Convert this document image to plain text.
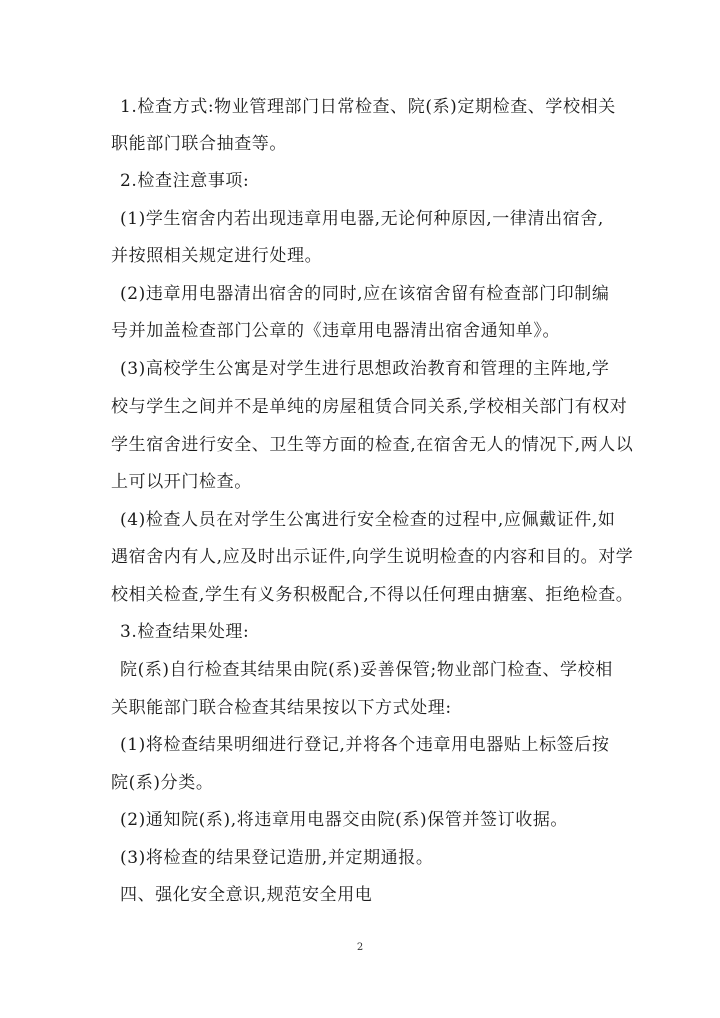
1.检查方式:物业管理部门日常检查、院(系)定期检查、学校相关
职能部门联合抽查等。
2.检查注意事项:
(1)学生宿舍内若出现违章用电器,无论何种原因,一律清出宿舍,
并按照相关规定进行处理。
(2)违章用电器清出宿舍的同时,应在该宿舍留有检查部门印制编
号并加盖检查部门公章的《违章用电器清出宿舍通知单》。
(3)高校学生公寓是对学生进行思想政治教育和管理的主阵地,学
校与学生之间并不是单纯的房屋租赁合同关系,学校相关部门有权对
学生宿舍进行安全、卫生等方面的检查,在宿舍无人的情况下,两人以
上可以开门检查。
(4)检查人员在对学生公寓进行安全检查的过程中,应佩戴证件,如
遇宿舍内有人,应及时出示证件,向学生说明检查的内容和目的。对学
校相关检查,学生有义务积极配合,不得以任何理由搪塞、拒绝检查。
3.检查结果处理:
院(系)自行检查其结果由院(系)妥善保管;物业部门检查、学校相
关职能部门联合检查其结果按以下方式处理:
(1)将检查结果明细进行登记,并将各个违章用电器贴上标签后按
院(系)分类。
(2)通知院(系),将违章用电器交由院(系)保管并签订收据。
(3)将检查的结果登记造册,并定期通报。
四、强化安全意识,规范安全用电
2
